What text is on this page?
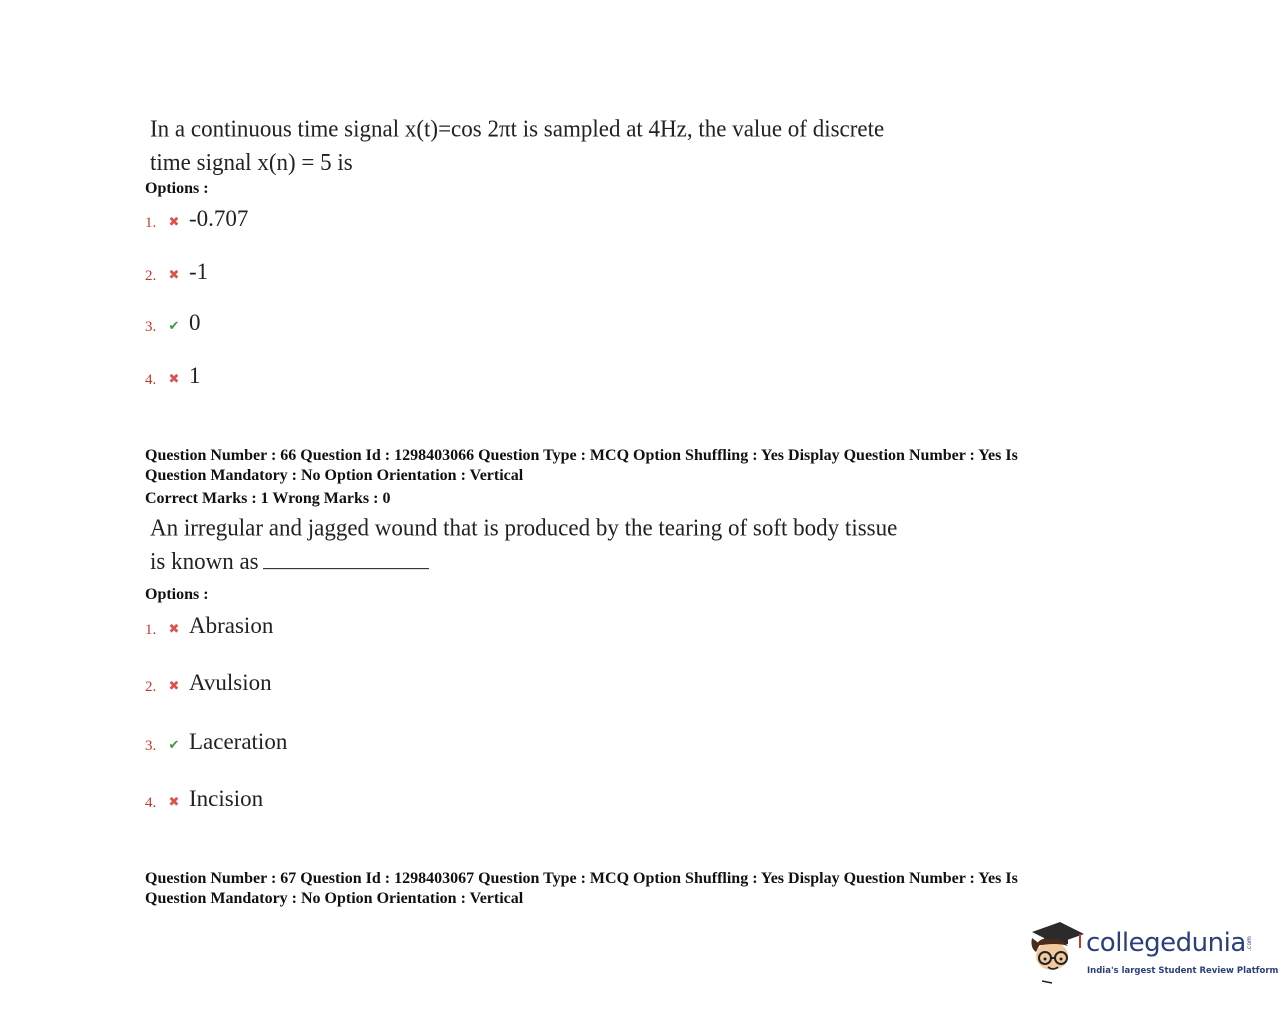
In a continuous time signal x(t)=cos 2πt is sampled at 4Hz, the value of discrete
time signal x(n) = 5 is
Options :
1. ✖ -0.707
2. ✖ -1
3. ✔ 0
4. ✖ 1
Question Number : 66 Question Id : 1298403066 Question Type : MCQ Option Shuffling : Yes Display Question Number : Yes Is
Question Mandatory : No Option Orientation : Vertical
Correct Marks : 1 Wrong Marks : 0
An irregular and jagged wound that is produced by the tearing of soft body tissue
is known as
Options :
1. ✖ Abrasion
2. ✖ Avulsion
3. ✔ Laceration
4. ✖ Incision
Question Number : 67 Question Id : 1298403067 Question Type : MCQ Option Shuffling : Yes Display Question Number : Yes Is
Question Mandatory : No Option Orientation : Vertical
collegedunia .com
India's largest Student Review Platform
